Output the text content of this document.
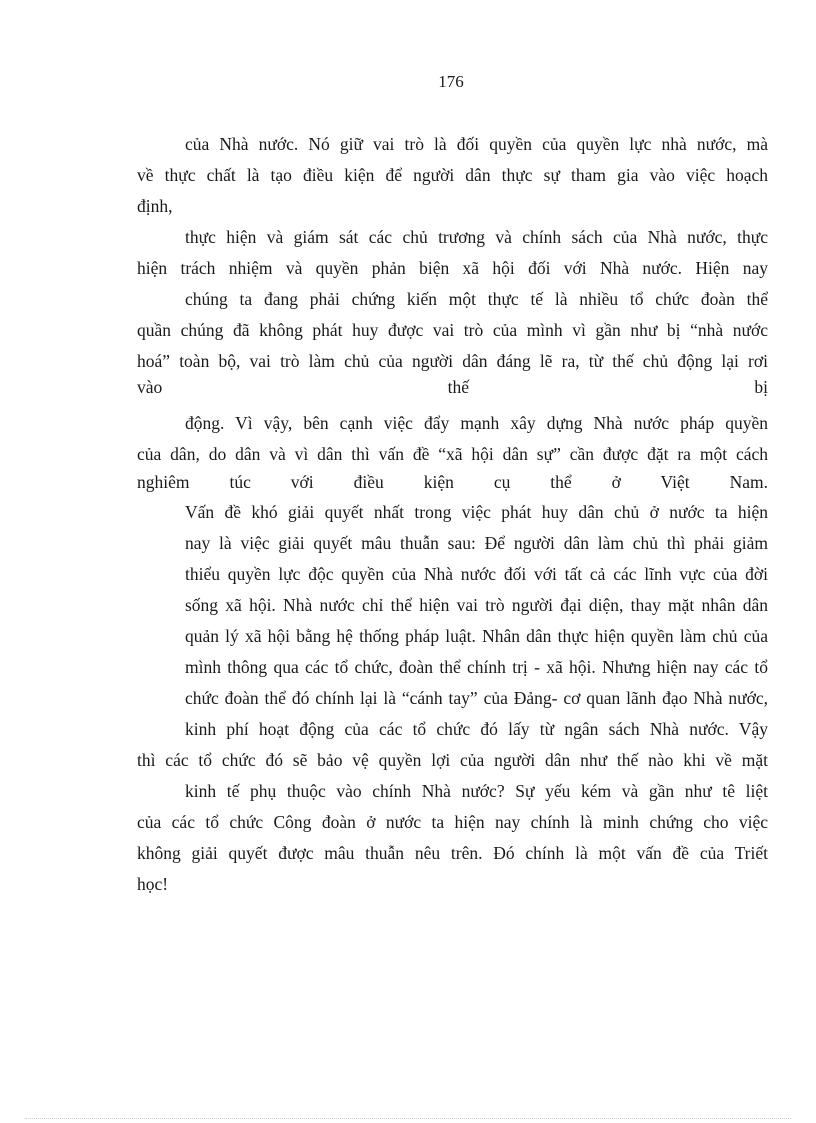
176
của Nhà nước. Nó giữ vai trò là đối quyền của quyền lực nhà nước, mà
về thực chất là tạo điều kiện để người dân thực sự tham gia vào việc hoạch
định,
thực hiện và giám sát các chủ trương và chính sách của Nhà nước, thực
hiện trách nhiệm và quyền phản biện xã hội đối với Nhà nước. Hiện nay
chúng ta đang phải chứng kiến một thực tế là nhiều tổ chức đoàn thể
quần chúng đã không phát huy được vai trò của mình vì gần như bị “nhà nước
hoá” toàn bộ, vai trò làm chủ của người dân đáng lẽ ra, từ thế chủ động lại rơi
vào thế bị
động. Vì vậy, bên cạnh việc đẩy mạnh xây dựng Nhà nước pháp quyền
của dân, do dân và vì dân thì vấn đề “xã hội dân sự” cần được đặt ra một cách
nghiêm túc với điều kiện cụ thể ở Việt Nam.
Vấn đề khó giải quyết nhất trong việc phát huy dân chủ ở nước ta hiện
nay là việc giải quyết mâu thuẫn sau: Để người dân làm chủ thì phải giảm
thiểu quyền lực độc quyền của Nhà nước đối với tất cả các lĩnh vực của đời
sống xã hội. Nhà nước chỉ thể hiện vai trò người đại diện, thay mặt nhân dân
quản lý xã hội bằng hệ thống pháp luật. Nhân dân thực hiện quyền làm chủ của
mình thông qua các tổ chức, đoàn thể chính trị - xã hội. Nhưng hiện nay các tổ
chức đoàn thể đó chính lại là “cánh tay” của Đảng- cơ quan lãnh đạo Nhà nước,
kinh phí hoạt động của các tổ chức đó lấy từ ngân sách Nhà nước. Vậy
thì các tổ chức đó sẽ bảo vệ quyền lợi của người dân như thế nào khi về mặt
kinh tế phụ thuộc vào chính Nhà nước? Sự yếu kém và gần như tê liệt
của các tổ chức Công đoàn ở nước ta hiện nay chính là minh chứng cho việc
không giải quyết được mâu thuẫn nêu trên. Đó chính là một vấn đề của Triết
học!
